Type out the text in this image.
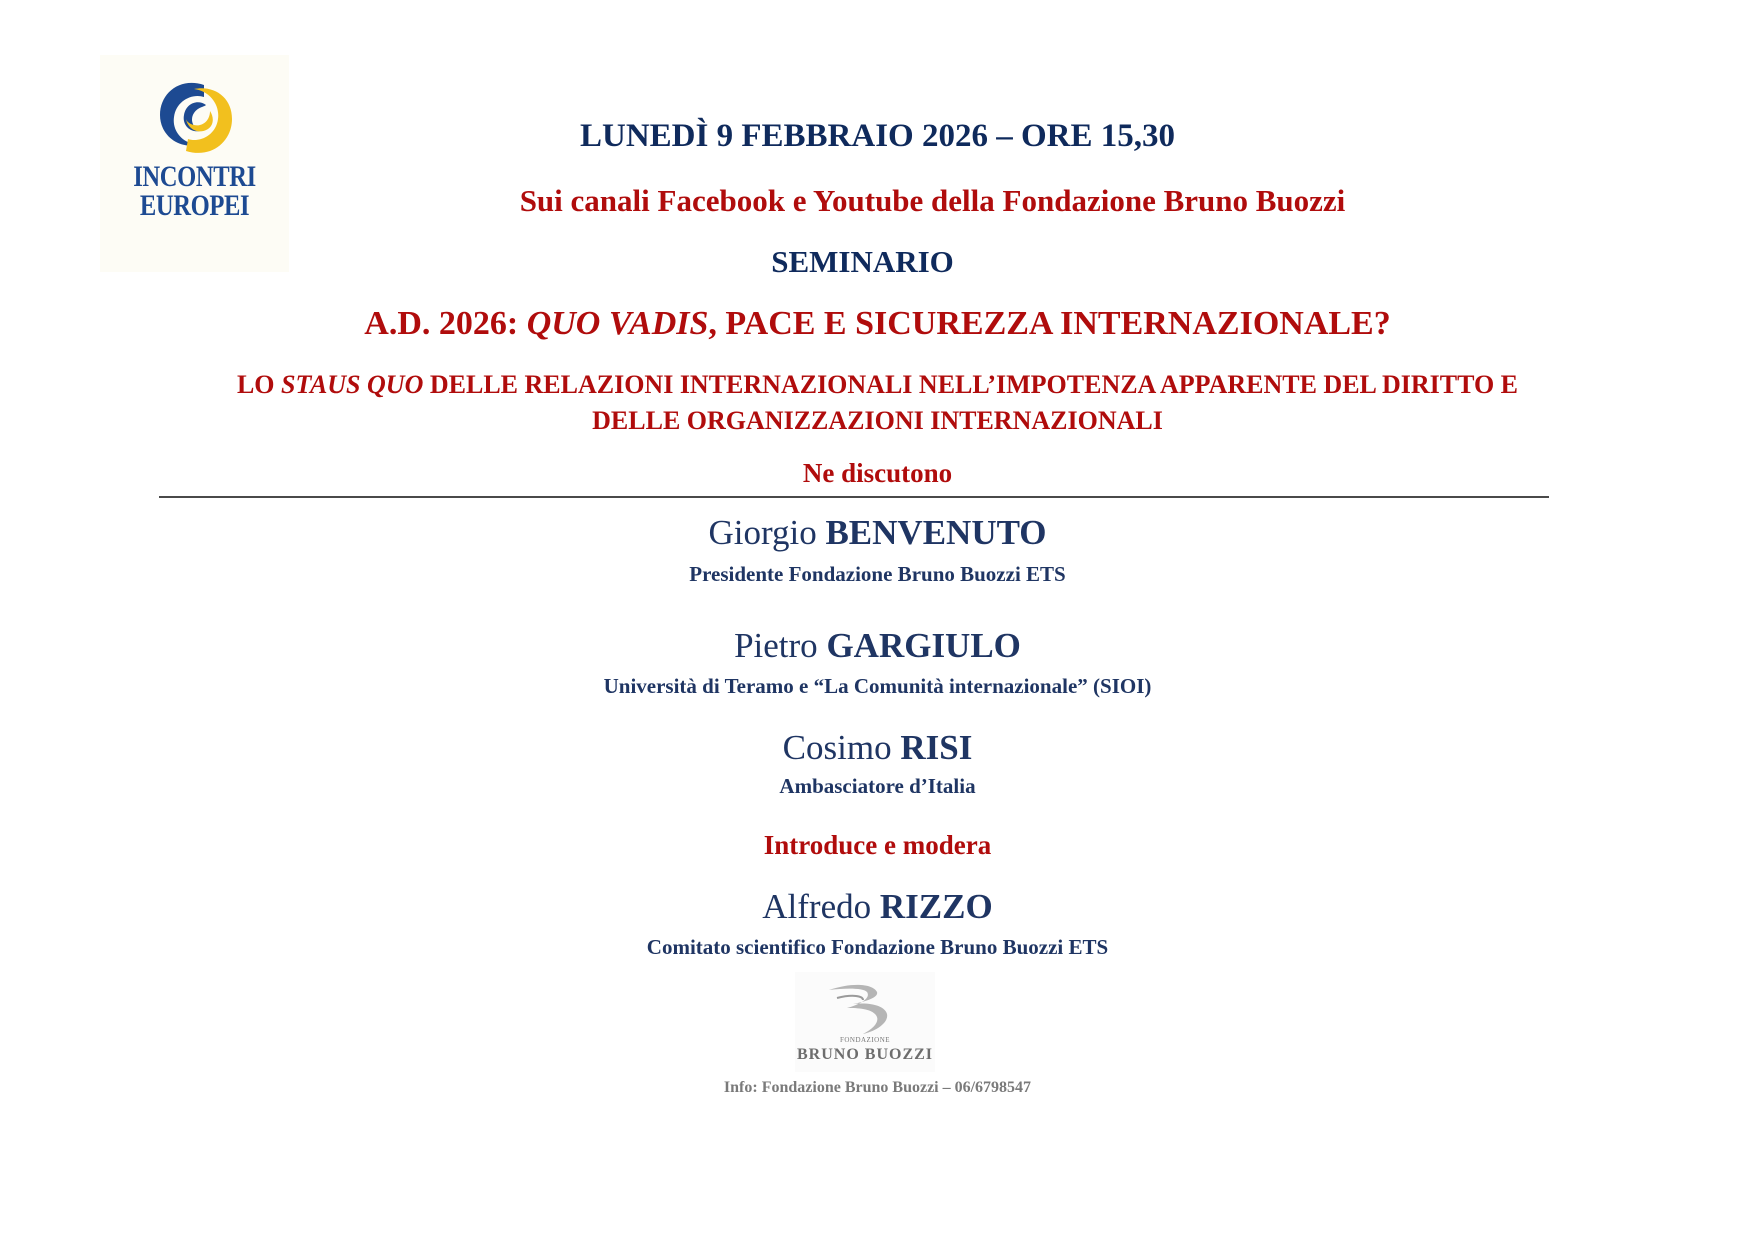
INCONTRI
EUROPEI
LUNEDÌ 9 FEBBRAIO 2026 – ORE 15,30
Sui canali Facebook e Youtube della Fondazione Bruno Buozzi
SEMINARIO
A.D. 2026: QUO VADIS, PACE E SICUREZZA INTERNAZIONALE?
LO STAUS QUO DELLE RELAZIONI INTERNAZIONALI NELL’IMPOTENZA APPARENTE DEL DIRITTO E
DELLE ORGANIZZAZIONI INTERNAZIONALI
Ne discutono
Giorgio BENVENUTO
Presidente Fondazione Bruno Buozzi ETS
Pietro GARGIULO
Università di Teramo e “La Comunità internazionale” (SIOI)
Cosimo RISI
Ambasciatore d’Italia
Introduce e modera
Alfredo RIZZO
Comitato scientifico Fondazione Bruno Buozzi ETS
FONDAZIONE
BRUNO BUOZZI
Info: Fondazione Bruno Buozzi – 06/6798547
